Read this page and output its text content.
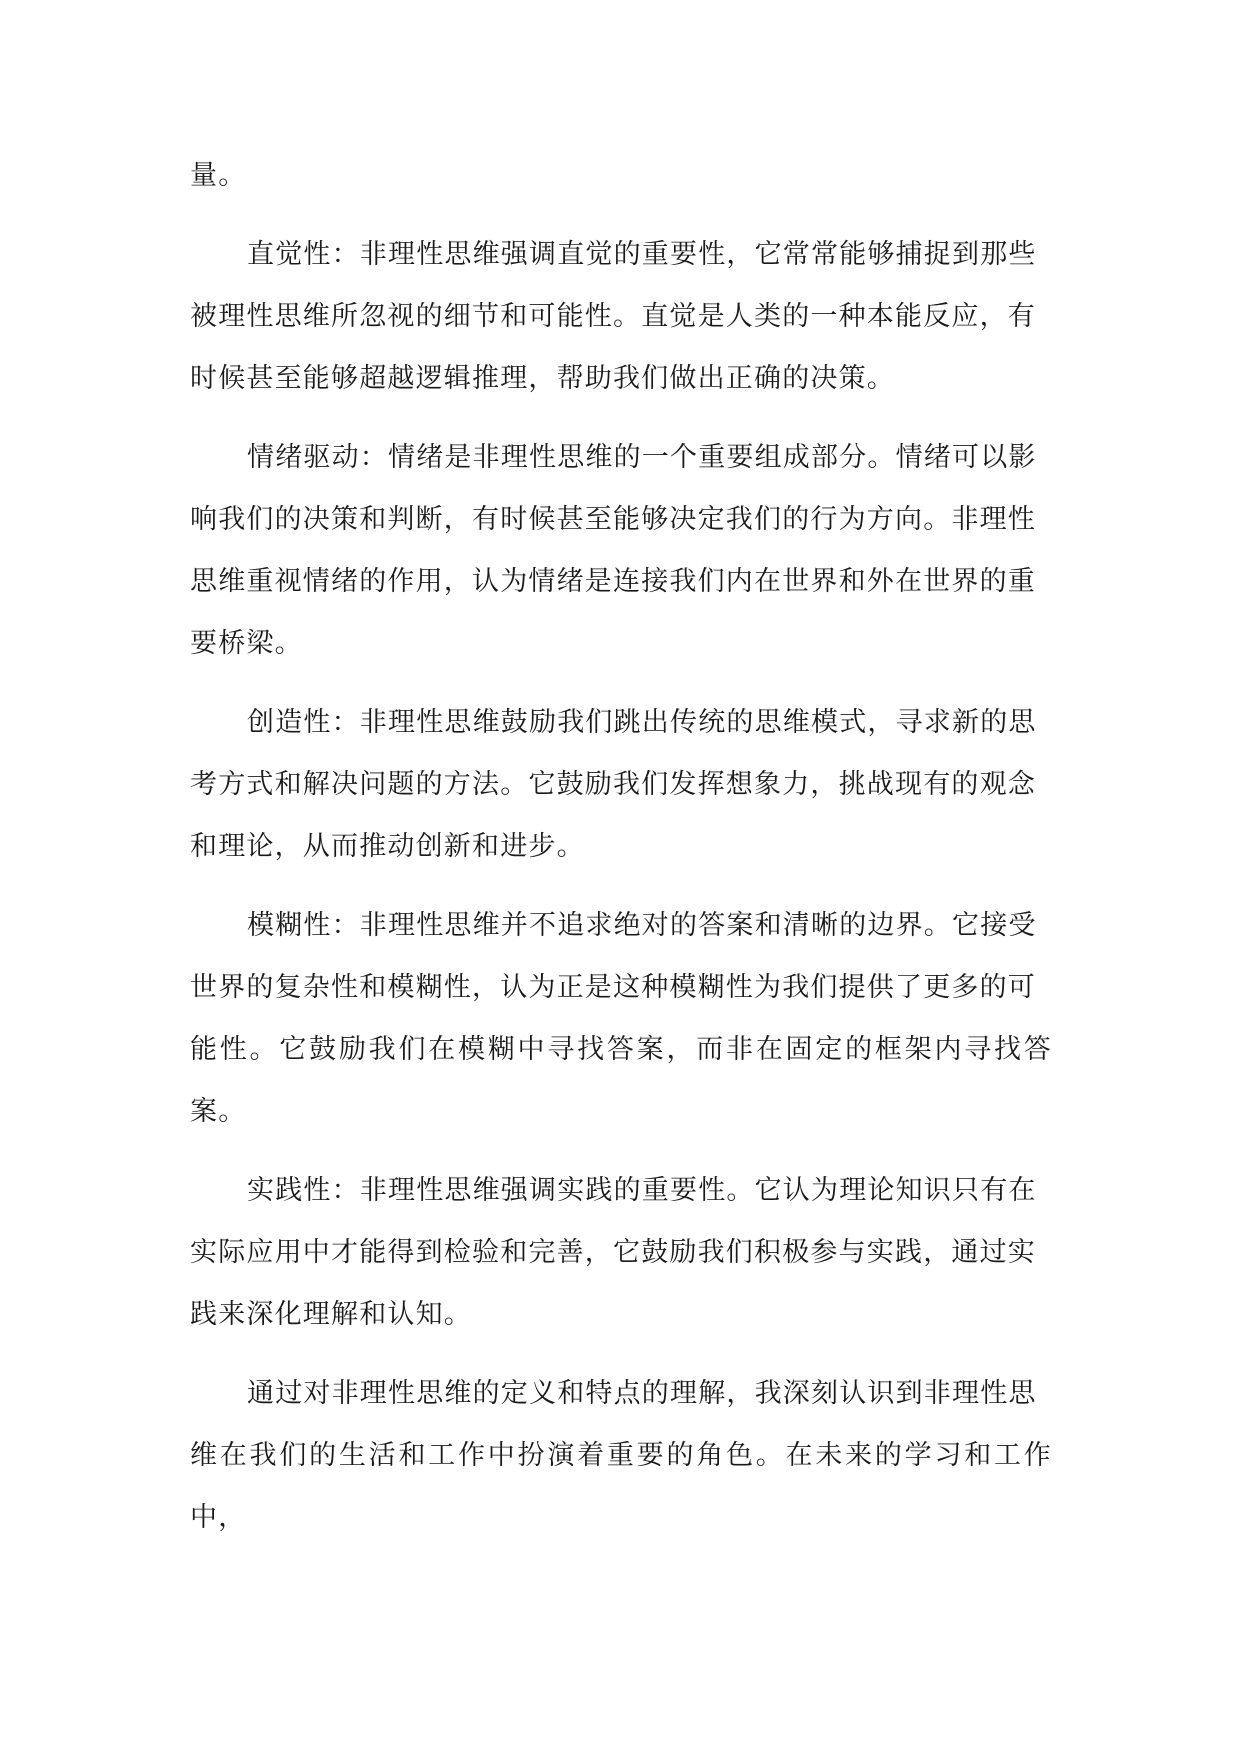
量。

直觉性：非理性思维强调直觉的重要性，它常常能够捕捉到那些
被理性思维所忽视的细节和可能性。直觉是人类的一种本能反应，有
时候甚至能够超越逻辑推理，帮助我们做出正确的决策。

情绪驱动：情绪是非理性思维的一个重要组成部分。情绪可以影
响我们的决策和判断，有时候甚至能够决定我们的行为方向。非理性
思维重视情绪的作用，认为情绪是连接我们内在世界和外在世界的重
要桥梁。

创造性：非理性思维鼓励我们跳出传统的思维模式，寻求新的思
考方式和解决问题的方法。它鼓励我们发挥想象力，挑战现有的观念
和理论，从而推动创新和进步。

模糊性：非理性思维并不追求绝对的答案和清晰的边界。它接受
世界的复杂性和模糊性，认为正是这种模糊性为我们提供了更多的可
能性。它鼓励我们在模糊中寻找答案，而非在固定的框架内寻找答案。

实践性：非理性思维强调实践的重要性。它认为理论知识只有在
实际应用中才能得到检验和完善，它鼓励我们积极参与实践，通过实
践来深化理解和认知。

通过对非理性思维的定义和特点的理解，我深刻认识到非理性思
维在我们的生活和工作中扮演着重要的角色。在未来的学习和工作中，
